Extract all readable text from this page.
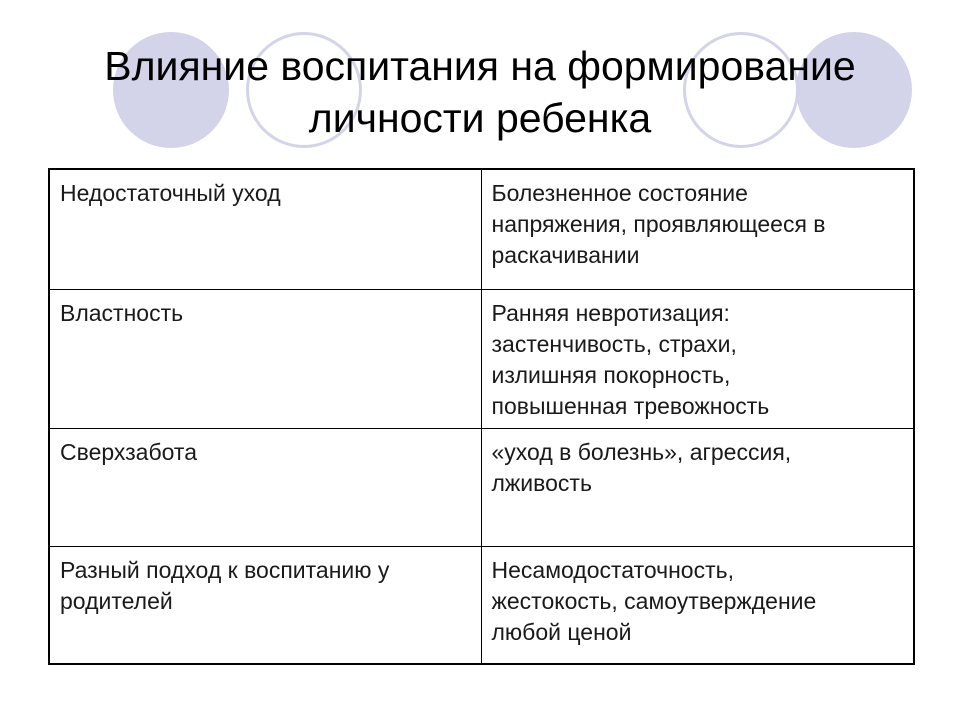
Влияние воспитания на формирование
личности ребенка
Недостаточный уход	Болезненное состояние
напряжения, проявляющееся в
раскачивании
Властность	Ранняя невротизация:
застенчивость, страхи,
излишняя покорность,
повышенная тревожность
Сверхзабота	«уход в болезнь», агрессия,
лживость
Разный подход к воспитанию у
родителей	Несамодостаточность,
жестокость, самоутверждение
любой ценой
